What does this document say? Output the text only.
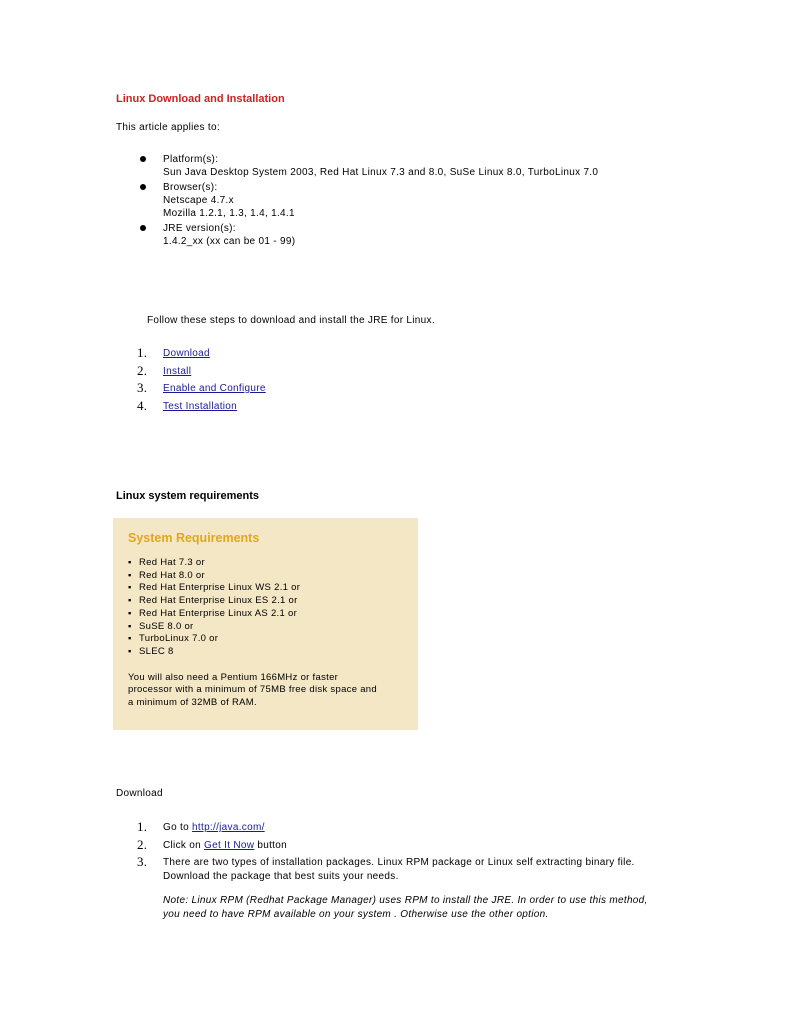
Linux Download and Installation
This article applies to:
Platform(s):
Sun Java Desktop System 2003, Red Hat Linux 7.3 and 8.0, SuSe Linux 8.0, TurboLinux 7.0
Browser(s):
Netscape 4.7.x
Mozilla 1.2.1, 1.3, 1.4, 1.4.1
JRE version(s):
1.4.2_xx (xx can be 01 - 99)
Follow these steps to download and install the JRE for Linux.
1. Download
2. Install
3. Enable and Configure
4. Test Installation
Linux system requirements
System Requirements
▪ Red Hat 7.3 or
▪ Red Hat 8.0 or
▪ Red Hat Enterprise Linux WS 2.1 or
▪ Red Hat Enterprise Linux ES 2.1 or
▪ Red Hat Enterprise Linux AS 2.1 or
▪ SuSE 8.0 or
▪ TurboLinux 7.0 or
▪ SLEC 8
You will also need a Pentium 166MHz or faster
processor with a minimum of 75MB free disk space and
a minimum of 32MB of RAM.
Download
1. Go to http://java.com/
2. Click on Get It Now button
3. There are two types of installation packages. Linux RPM package or Linux self extracting binary file.
Download the package that best suits your needs.
Note: Linux RPM (Redhat Package Manager) uses RPM to install the JRE. In order to use this method,
you need to have RPM available on your system . Otherwise use the other option.
